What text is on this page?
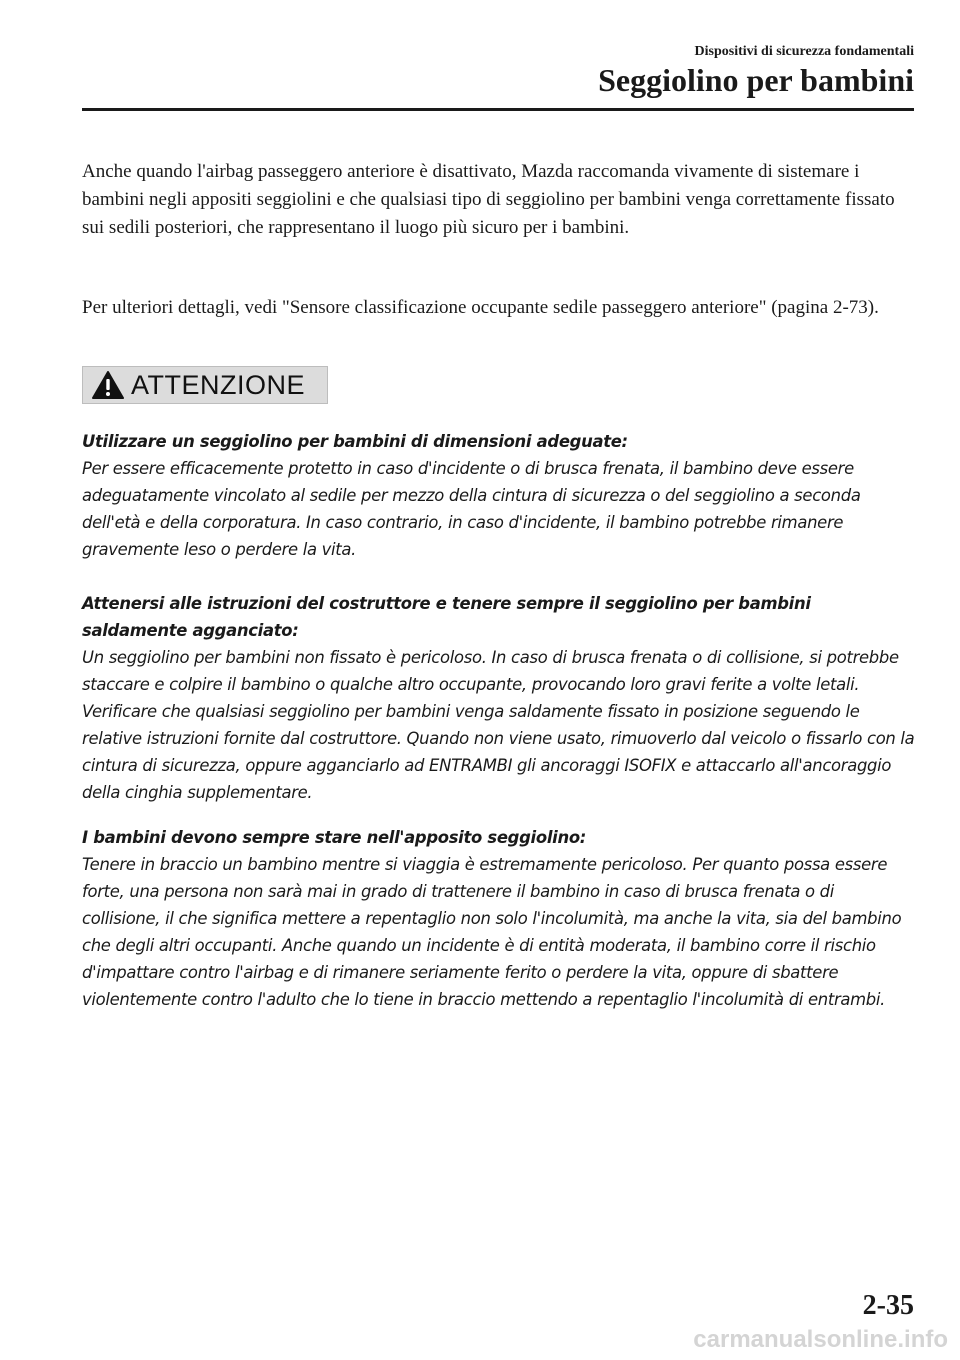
Dispositivi di sicurezza fondamentali
Seggiolino per bambini
Anche quando l'airbag passeggero anteriore è disattivato, Mazda raccomanda vivamente di sistemare i bambini negli appositi seggiolini e che qualsiasi tipo di seggiolino per bambini venga correttamente fissato sui sedili posteriori, che rappresentano il luogo più sicuro per i bambini.
Per ulteriori dettagli, vedi "Sensore classificazione occupante sedile passeggero anteriore" (pagina 2-73).
ATTENZIONE
Utilizzare un seggiolino per bambini di dimensioni adeguate:
Per essere efficacemente protetto in caso d'incidente o di brusca frenata, il bambino deve essere adeguatamente vincolato al sedile per mezzo della cintura di sicurezza o del seggiolino a seconda dell'età e della corporatura. In caso contrario, in caso d'incidente, il bambino potrebbe rimanere gravemente leso o perdere la vita.
Attenersi alle istruzioni del costruttore e tenere sempre il seggiolino per bambini saldamente agganciato:
Un seggiolino per bambini non fissato è pericoloso. In caso di brusca frenata o di collisione, si potrebbe staccare e colpire il bambino o qualche altro occupante, provocando loro gravi ferite a volte letali. Verificare che qualsiasi seggiolino per bambini venga saldamente fissato in posizione seguendo le relative istruzioni fornite dal costruttore. Quando non viene usato, rimuoverlo dal veicolo o fissarlo con la cintura di sicurezza, oppure agganciarlo ad ENTRAMBI gli ancoraggi ISOFIX e attaccarlo all'ancoraggio della cinghia supplementare.
I bambini devono sempre stare nell'apposito seggiolino:
Tenere in braccio un bambino mentre si viaggia è estremamente pericoloso. Per quanto possa essere forte, una persona non sarà mai in grado di trattenere il bambino in caso di brusca frenata o di collisione, il che significa mettere a repentaglio non solo l'incolumità, ma anche la vita, sia del bambino che degli altri occupanti. Anche quando un incidente è di entità moderata, il bambino corre il rischio d'impattare contro l'airbag e di rimanere seriamente ferito o perdere la vita, oppure di sbattere violentemente contro l'adulto che lo tiene in braccio mettendo a repentaglio l'incolumità di entrambi.
2-35
carmanualsonline.info
